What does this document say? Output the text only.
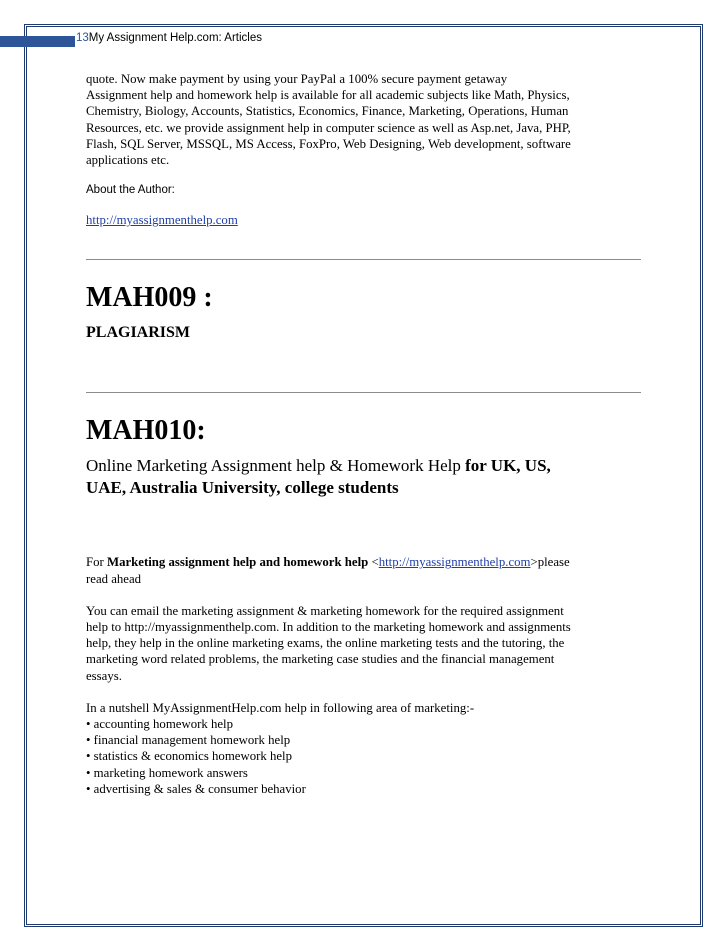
13My Assignment Help.com: Articles

quote. Now make payment by using your PayPal a 100% secure payment getaway

Assignment help and homework help is available for all academic subjects like Math, Physics,

Chemistry, Biology, Accounts, Statistics, Economics, Finance, Marketing, Operations, Human

Resources, etc. we provide assignment help in computer science as well as Asp.net, Java, PHP,

Flash, SQL Server, MSSQL, MS Access, FoxPro, Web Designing, Web development, software

applications etc.

About the Author:

http://myassignmenthelp.com

MAH009 :

PLAGIARISM

MAH010:

Online Marketing Assignment help & Homework Help for UK, US,
UAE, Australia University, college students

For Marketing assignment help and homework help <http://myassignmenthelp.com>please

read ahead

You can email the marketing assignment & marketing homework for the required assignment

help to http://myassignmenthelp.com. In addition to the marketing homework and assignments

help, they help in the online marketing exams, the online marketing tests and the tutoring, the

marketing word related problems, the marketing case studies and the financial management

essays.

In a nutshell MyAssignmentHelp.com help in following area of marketing:-

• accounting homework help

• financial management homework help

• statistics & economics homework help

• marketing homework answers

• advertising & sales & consumer behavior
